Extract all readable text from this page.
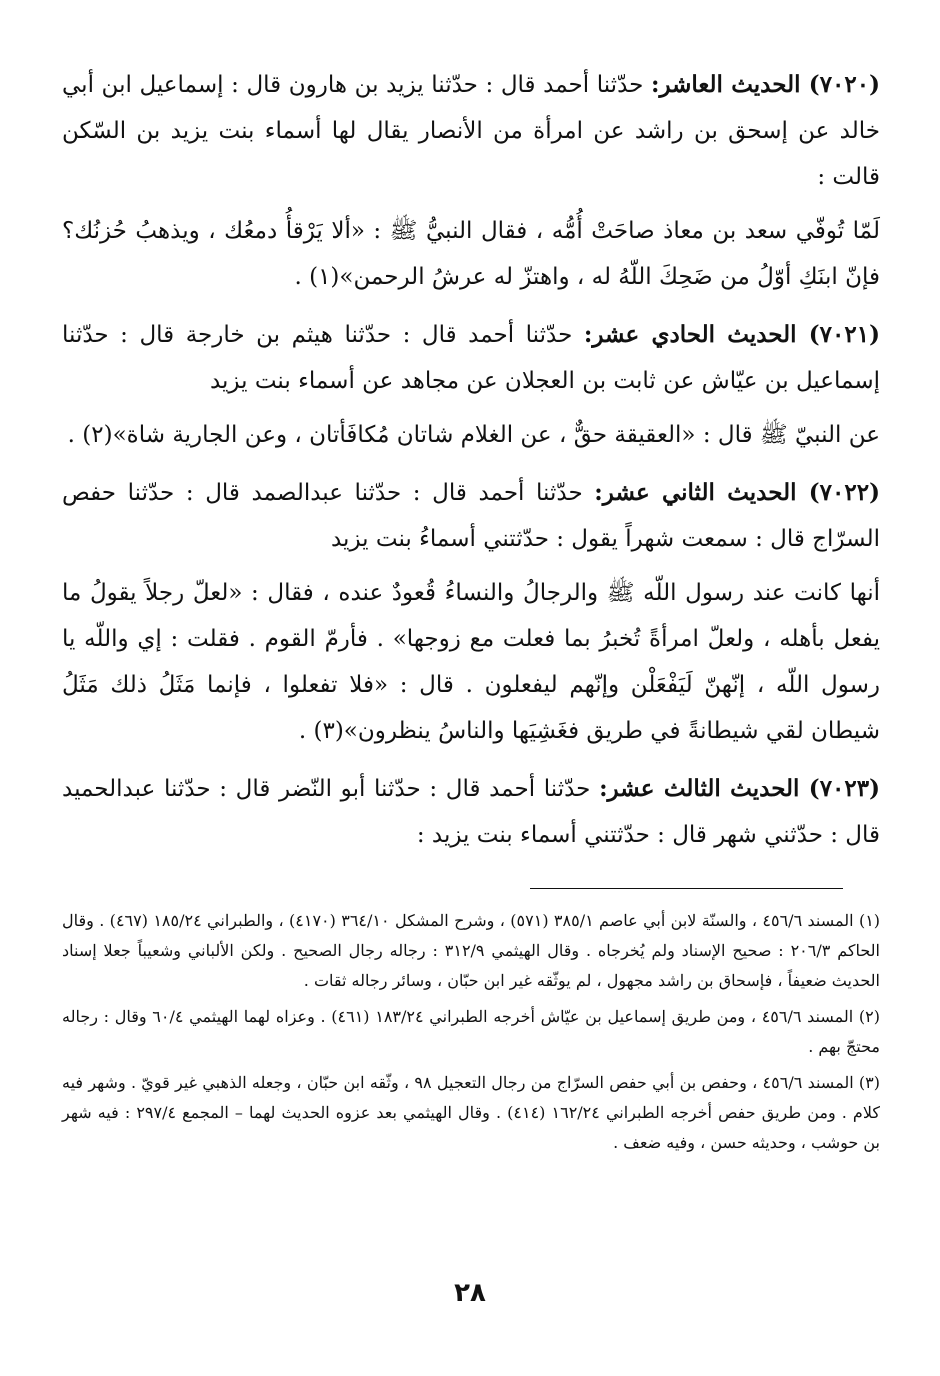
(٧٠٢٠) الحديث العاشر: حدّثنا أحمد قال : حدّثنا يزيد بن هارون قال : إسماعيل ابن أبي خالد عن إسحق بن راشد عن امرأة من الأنصار يقال لها أسماء بنت يزيد بن السّكن قالت :

لَمّا تُوفّي سعد بن معاذ صاحَتْ أُمُّه ، فقال النبيُّ ﷺ : «ألا يَرْقأُ دمعُك ، ويذهبُ حُزنُك؟ فإنّ ابنَكِ أوّلُ من ضَحِكَ اللّهُ له ، واهتزّ له عرشُ الرحمن»(١) .

(٧٠٢١) الحديث الحادي عشر: حدّثنا أحمد قال : حدّثنا هيثم بن خارجة قال : حدّثنا إسماعيل بن عيّاش عن ثابت بن العجلان عن مجاهد عن أسماء بنت يزيد

عن النبيّ ﷺ قال : «العقيقة حقٌّ ، عن الغلام شاتان مُكافَأتان ، وعن الجارية شاة»(٢) .

(٧٠٢٢) الحديث الثاني عشر: حدّثنا أحمد قال : حدّثنا عبدالصمد قال : حدّثنا حفص السرّاج قال : سمعت شهراً يقول : حدّثتني أسماءُ بنت يزيد

أنها كانت عند رسول اللّه ﷺ والرجالُ والنساءُ قُعودٌ عنده ، فقال : «لعلّ رجلاً يقولُ ما يفعل بأهله ، ولعلّ امرأةً تُخبرُ بما فعلت مع زوجها» . فأرمّ القوم . فقلت : إي واللّه يا رسول اللّه ، إنّهنّ لَيَفْعَلْن وإنّهم ليفعلون . قال : «فلا تفعلوا ، فإنما مَثَلُ ذلك مَثَلُ شيطان لقي شيطانةً في طريق فغَشِيَها والناسُ ينظرون»(٣) .

(٧٠٢٣) الحديث الثالث عشر: حدّثنا أحمد قال : حدّثنا أبو النّضر قال : حدّثنا عبدالحميد قال : حدّثني شهر قال : حدّثتني أسماء بنت يزيد :

(١) المسند ٤٥٦/٦ ، والسنّة لابن أبي عاصم ٣٨٥/١ (٥٧١) ، وشرح المشكل ٣٦٤/١٠ (٤١٧٠) ، والطبراني ١٨٥/٢٤ (٤٦٧) . وقال الحاكم ٢٠٦/٣ : صحيح الإسناد ولم يُخرجاه . وقال الهيثمي ٣١٢/٩ : رجاله رجال الصحيح . ولكن الألباني وشعيباً جعلا إسناد الحديث ضعيفاً ، فإسحاق بن راشد مجهول ، لم يوثّقه غير ابن حبّان ، وسائر رجاله ثقات .

(٢) المسند ٤٥٦/٦ ، ومن طريق إسماعيل بن عيّاش أخرجه الطبراني ١٨٣/٢٤ (٤٦١) . وعزاه لهما الهيثمي ٦٠/٤ وقال : رجاله محتجّ بهم .

(٣) المسند ٤٥٦/٦ ، وحفص بن أبي حفص السرّاج من رجال التعجيل ٩٨ ، وثّقه ابن حبّان ، وجعله الذهبي غير قويّ . وشهر فيه كلام . ومن طريق حفص أخرجه الطبراني ١٦٢/٢٤ (٤١٤) . وقال الهيثمي بعد عزوه الحديث لهما – المجمع ٢٩٧/٤ : فيه شهر بن حوشب ، وحديثه حسن ، وفيه ضعف .

٢٨
